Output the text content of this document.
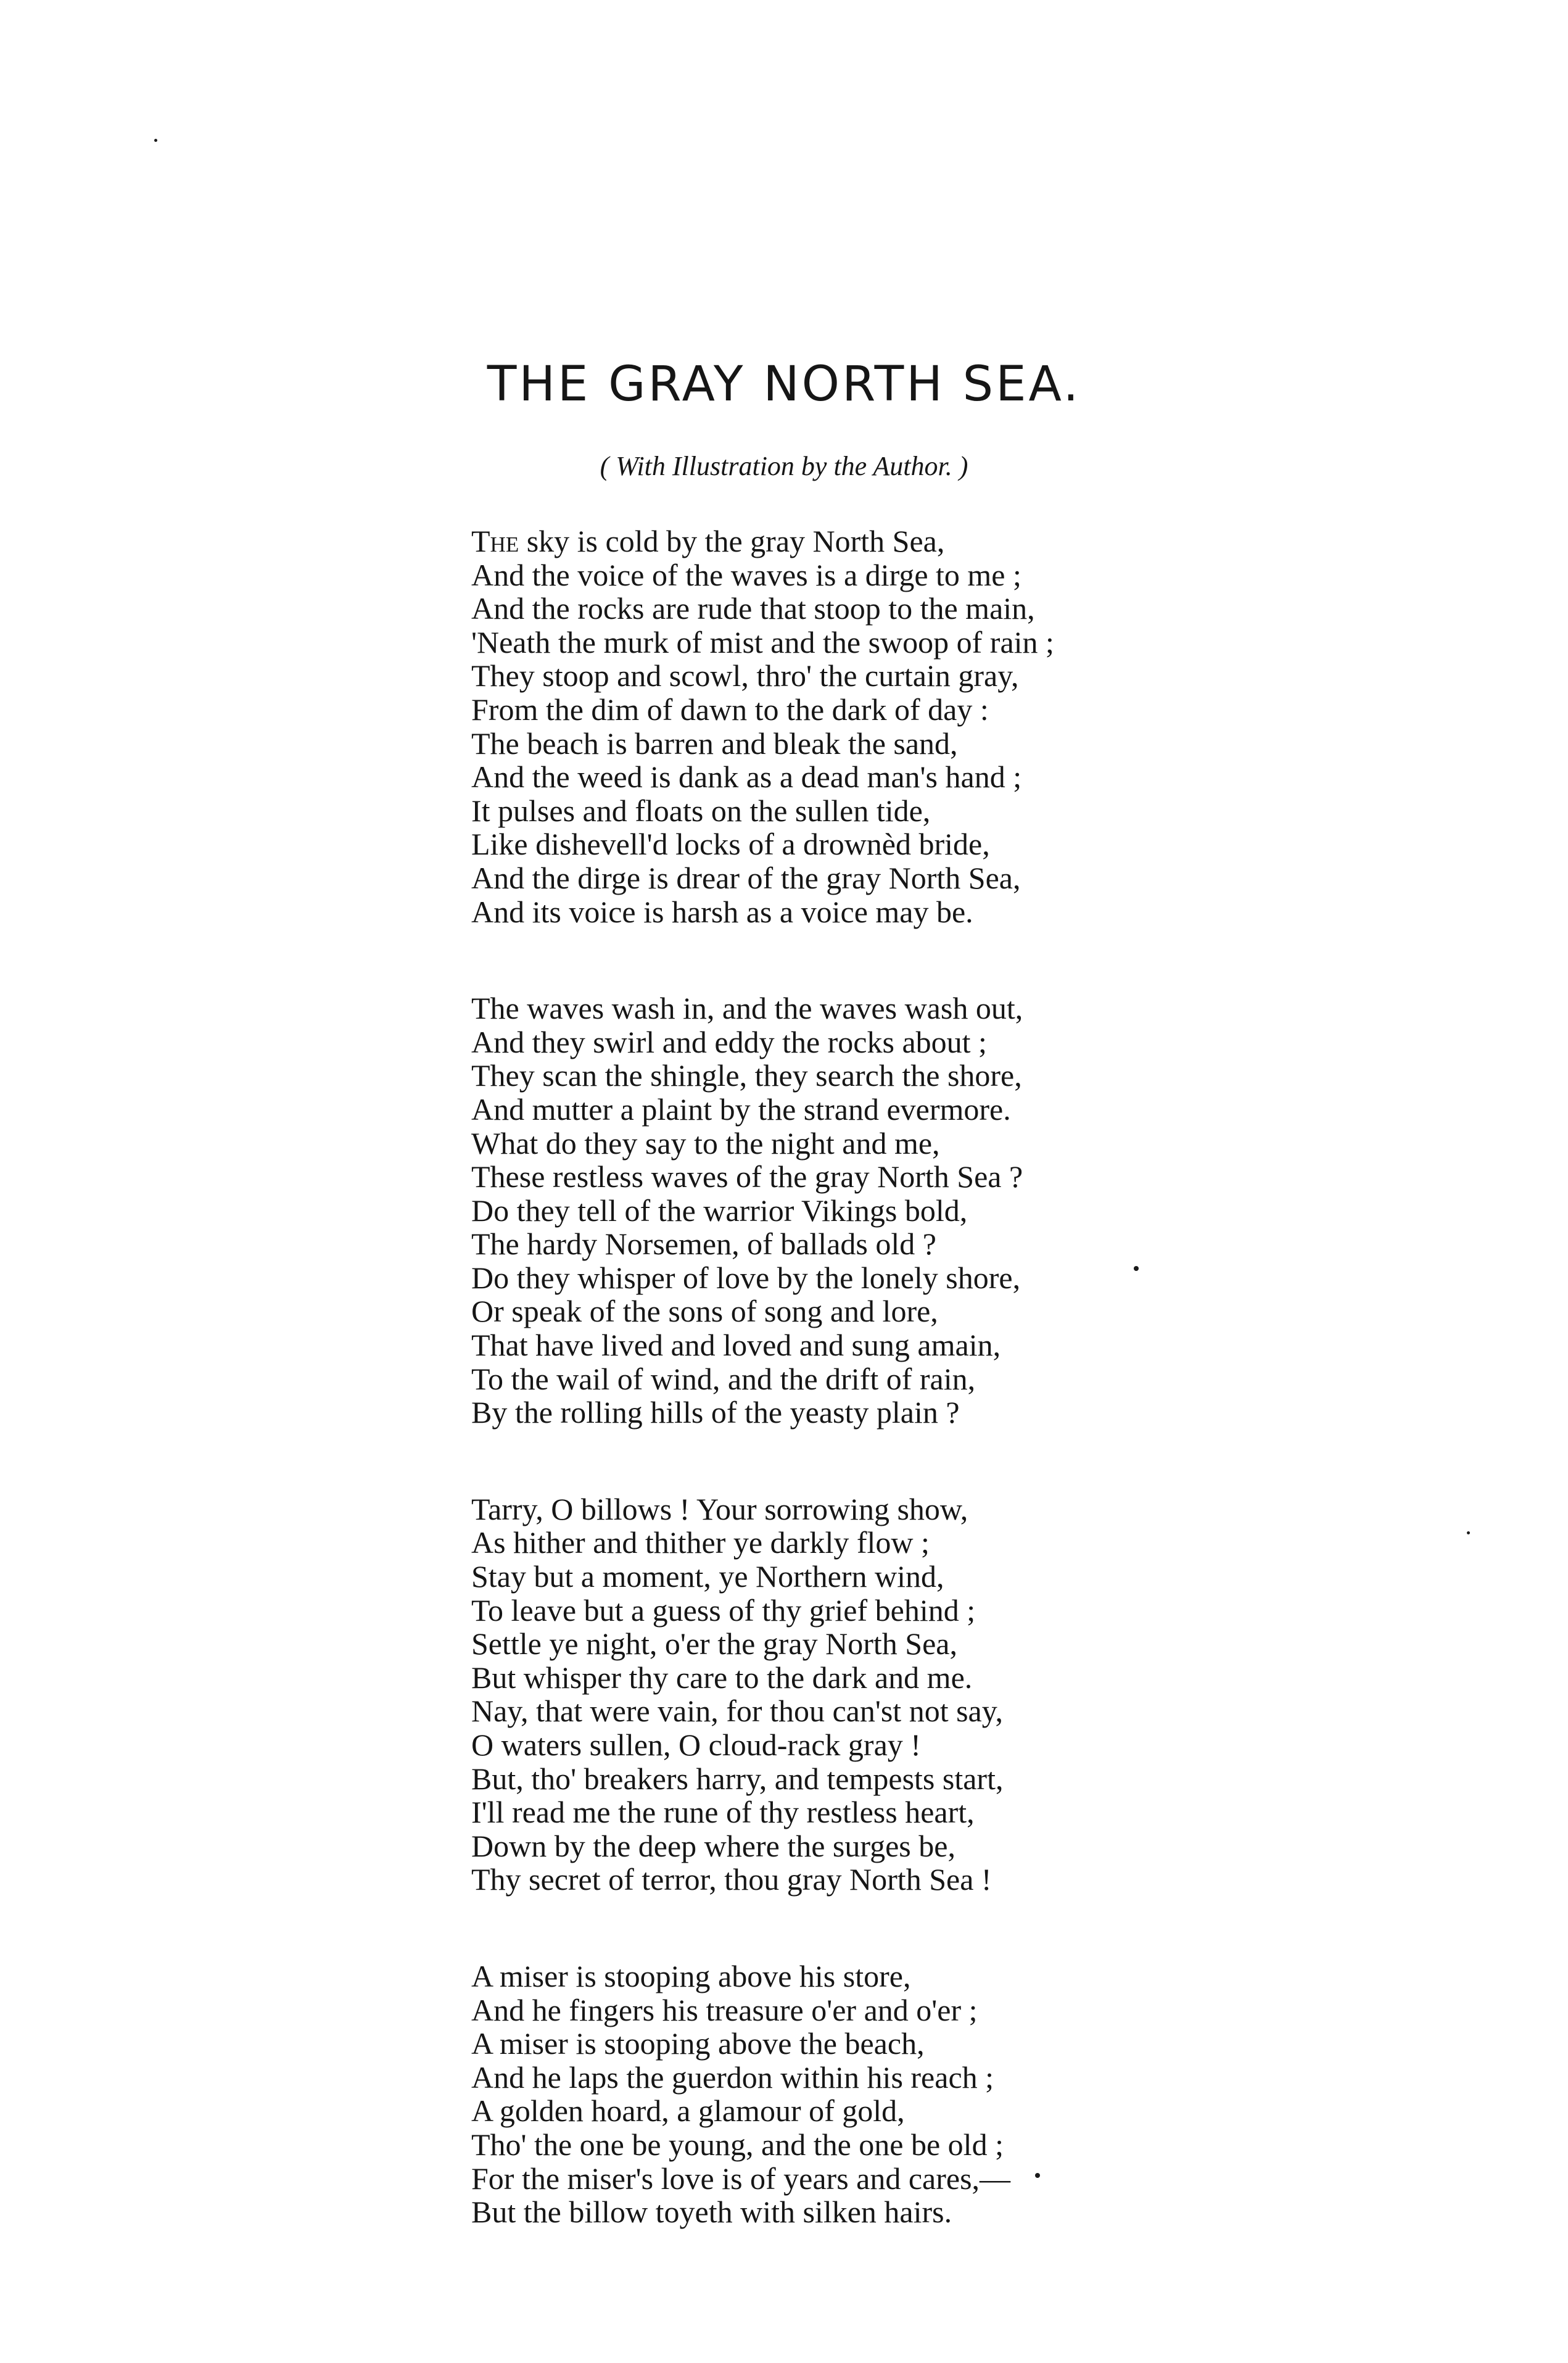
THE GRAY NORTH SEA.

( With Illustration by the Author. )

The sky is cold by the gray North Sea,
And the voice of the waves is a dirge to me ;
And the rocks are rude that stoop to the main,
'Neath the murk of mist and the swoop of rain ;
They stoop and scowl, thro' the curtain gray,
From the dim of dawn to the dark of day :
The beach is barren and bleak the sand,
And the weed is dank as a dead man's hand ;
It pulses and floats on the sullen tide,
Like dishevell'd locks of a drownèd bride,
And the dirge is drear of the gray North Sea,
And its voice is harsh as a voice may be.
The waves wash in, and the waves wash out,
And they swirl and eddy the rocks about ;
They scan the shingle, they search the shore,
And mutter a plaint by the strand evermore.
What do they say to the night and me,
These restless waves of the gray North Sea ?
Do they tell of the warrior Vikings bold,
The hardy Norsemen, of ballads old ?
Do they whisper of love by the lonely shore,
Or speak of the sons of song and lore,
That have lived and loved and sung amain,
To the wail of wind, and the drift of rain,
By the rolling hills of the yeasty plain ?
Tarry, O billows ! Your sorrowing show,
As hither and thither ye darkly flow ;
Stay but a moment, ye Northern wind,
To leave but a guess of thy grief behind ;
Settle ye night, o'er the gray North Sea,
But whisper thy care to the dark and me.
Nay, that were vain, for thou can'st not say,
O waters sullen, O cloud-rack gray !
But, tho' breakers harry, and tempests start,
I'll read me the rune of thy restless heart,
Down by the deep where the surges be,
Thy secret of terror, thou gray North Sea !
A miser is stooping above his store,
And he fingers his treasure o'er and o'er ;
A miser is stooping above the beach,
And he laps the guerdon within his reach ;
A golden hoard, a glamour of gold,
Tho' the one be young, and the one be old ;
For the miser's love is of years and cares,—
But the billow toyeth with silken hairs.
